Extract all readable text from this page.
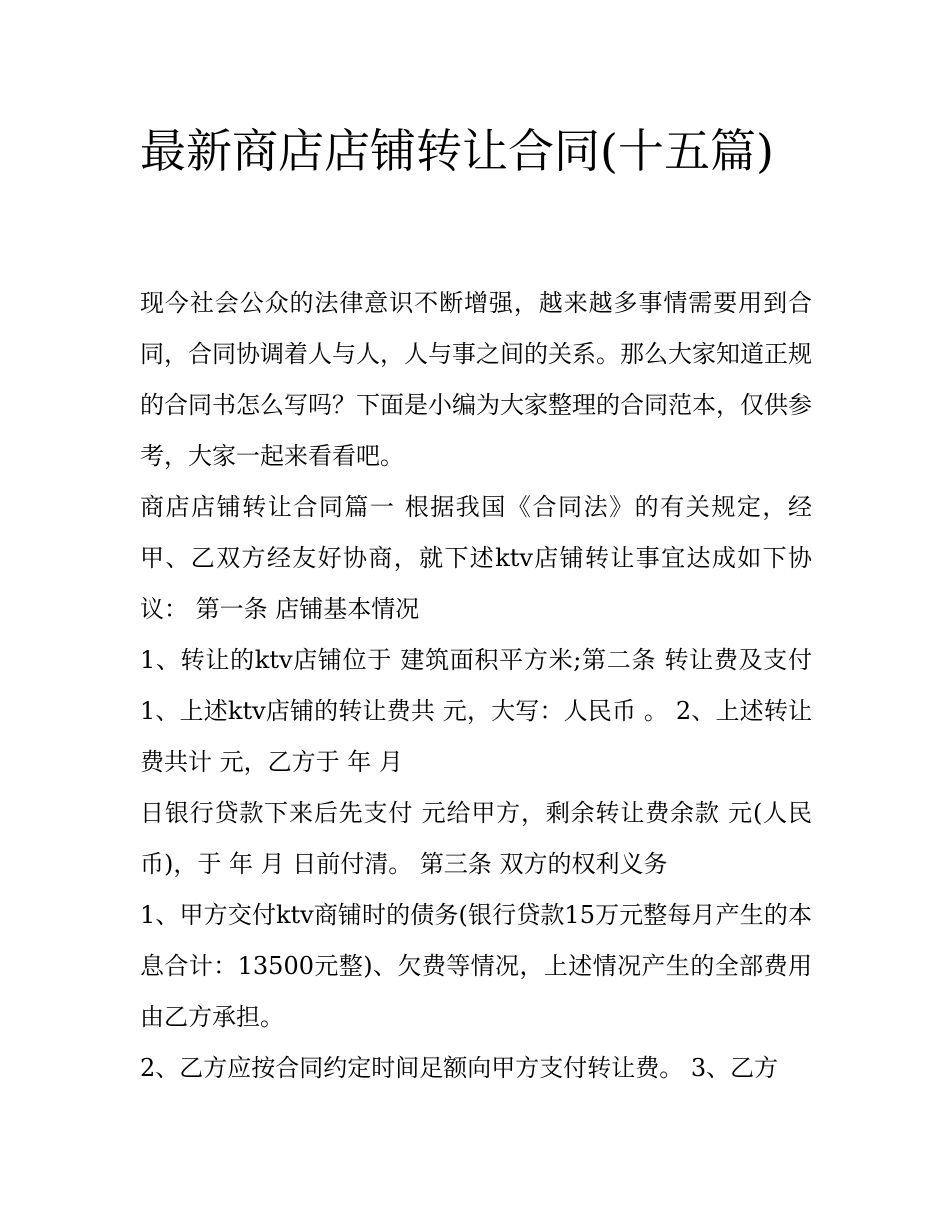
最新商店店铺转让合同(十五篇)

现今社会公众的法律意识不断增强，越来越多事情需要用到合同，合同协调着人与人，人与事之间的关系。那么大家知道正规的合同书怎么写吗？下面是小编为大家整理的合同范本，仅供参考，大家一起来看看吧。

商店店铺转让合同篇一 根据我国《合同法》的有关规定，经甲、乙双方经友好协商，就下述ktv店铺转让事宜达成如下协议： 第一条 店铺基本情况

1、转让的ktv店铺位于 建筑面积平方米;第二条 转让费及支付1、上述ktv店铺的转让费共 元，大写：人民币 。 2、上述转让费共计 元，乙方于 年 月

日银行贷款下来后先支付 元给甲方，剩余转让费余款 元(人民币)，于 年 月 日前付清。 第三条 双方的权利义务

1、甲方交付ktv商铺时的债务(银行贷款15万元整每月产生的本息合计：13500元整)、欠费等情况，上述情况产生的全部费用由乙方承担。

2、乙方应按合同约定时间足额向甲方支付转让费。 3、乙方
